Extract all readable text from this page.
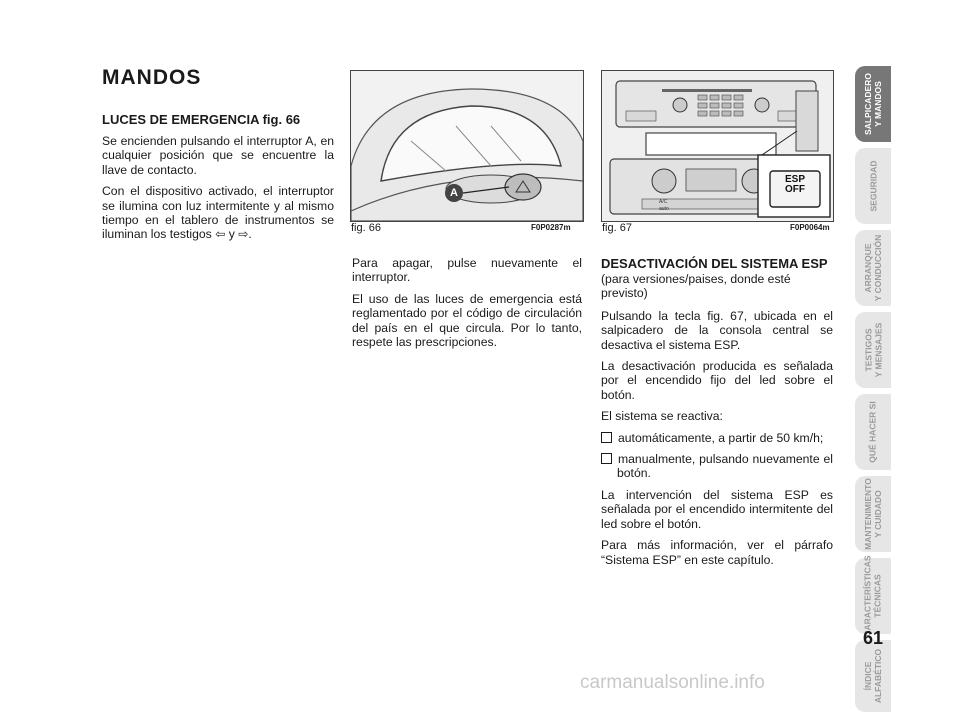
MANDOS
LUCES DE EMERGENCIA fig. 66

Se encienden pulsando el interruptor A, en cualquier posición que se encuentre la llave de contacto.

Con el dispositivo activado, el interruptor se ilumina con luz intermitente y al mismo tiempo en el tablero de instrumentos se iluminan los testigos ⇦ y ⇨.

A
fig. 66	F0P0287m
ESP
OFF
A/C
auto
fig. 67	F0P0064m

Para apagar, pulse nuevamente el interruptor.

El uso de las luces de emergencia está reglamentado por el código de circulación del país en el que circula. Por lo tanto, respete las prescripciones.

DESACTIVACIÓN DEL SISTEMA ESP

(para versiones/paises, donde esté previsto)

Pulsando la tecla fig. 67, ubicada en el salpicadero de la consola central se desactiva el sistema ESP.

La desactivación producida es señalada por el encendido fijo del led sobre el botón.

El sistema se reactiva:

automáticamente, a partir de 50 km/h;

manualmente, pulsando nuevamente el botón.

La intervención del sistema ESP es señalada por el encendido intermitente del led sobre el botón.

Para más información, ver el párrafo “Sistema ESP” en este capítulo.

SALPICADERO
Y MANDOS
SEGURIDAD
ARRANQUE
Y CONDUCCIÓN
TESTIGOS
Y MENSAJES
QUÉ HACER SI
MANTENIMIENTO
Y CUIDADO
CARACTERÍSTICAS
TÉCNICAS
ÍNDICE
ALFABÉTICO
61
carmanualsonline.info
